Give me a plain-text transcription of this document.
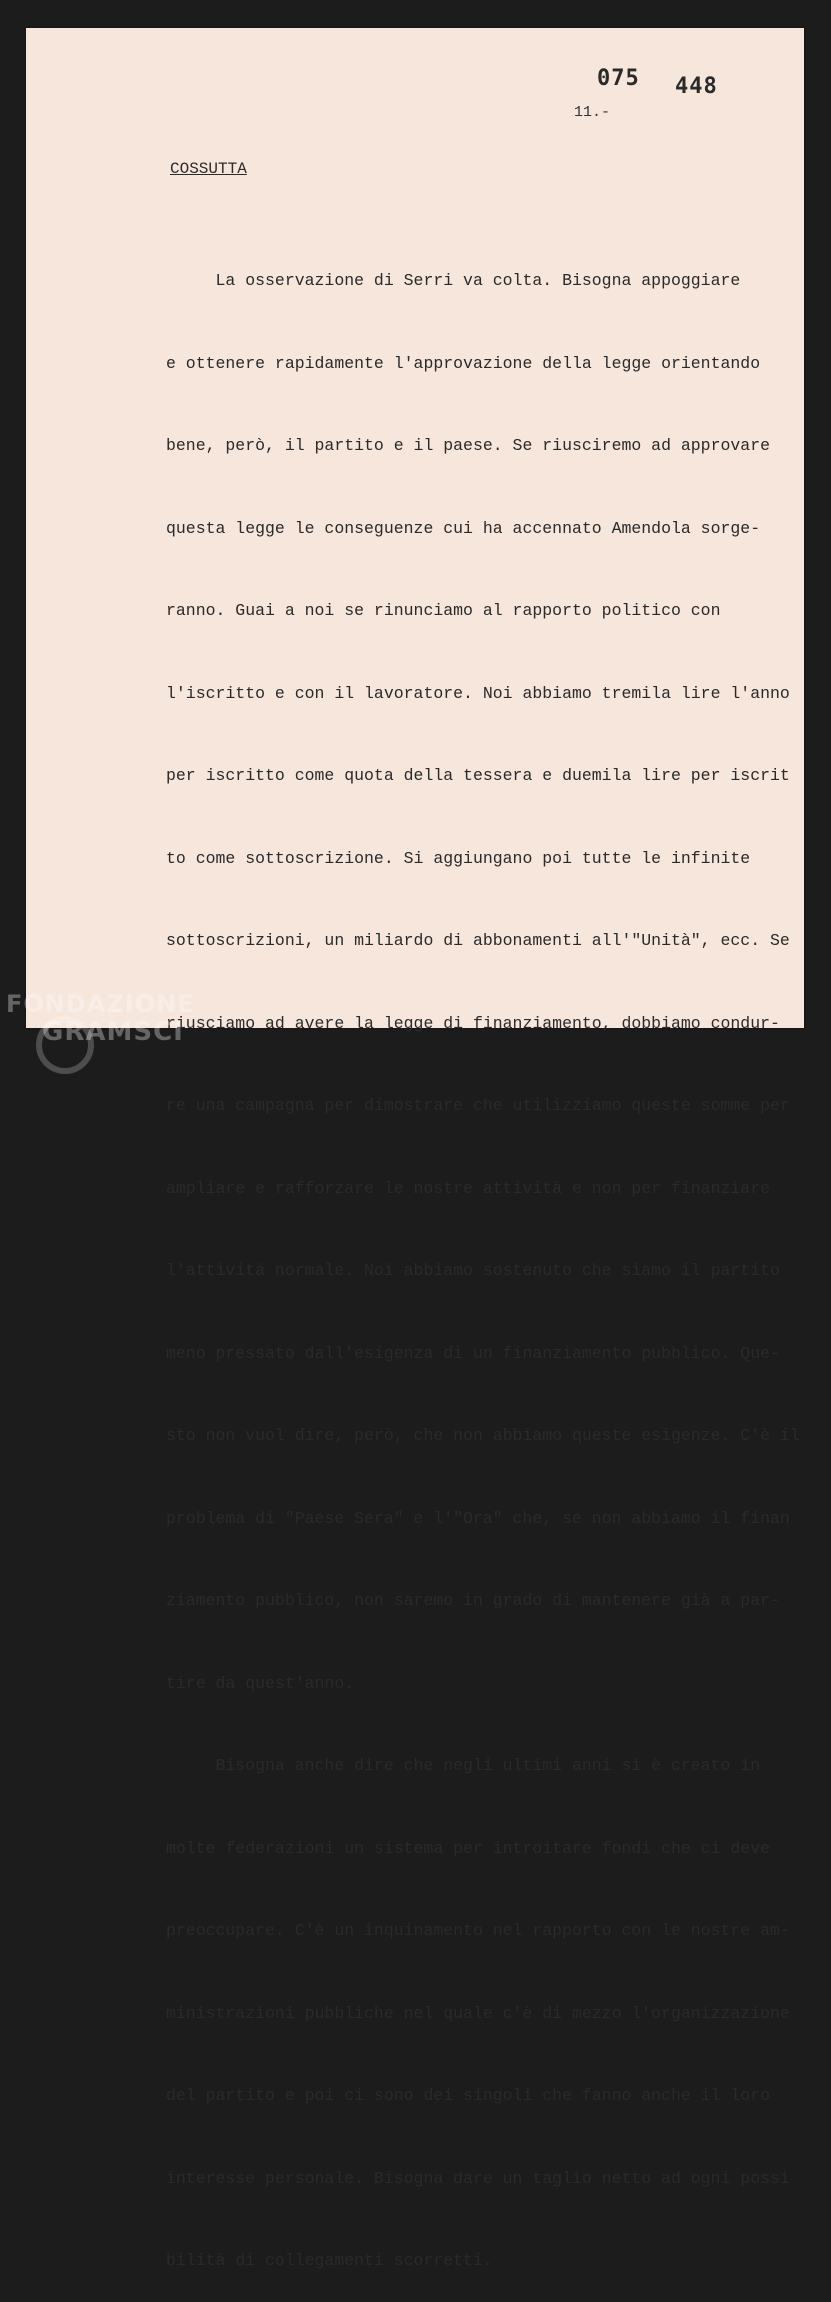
075 448
11.-
COSSUTTA

La osservazione di Serri va colta. Bisogna appoggiare

e ottenere rapidamente l'approvazione della legge orientando

bene, però, il partito e il paese. Se riusciremo ad approvare

questa legge le conseguenze cui ha accennato Amendola sorge-

ranno. Guai a noi se rinunciamo al rapporto politico con

l'iscritto e con il lavoratore. Noi abbiamo tremila lire l'anno

per iscritto come quota della tessera e duemila lire per iscrit

to come sottoscrizione. Si aggiungano poi tutte le infinite

sottoscrizioni, un miliardo di abbonamenti all'"Unità", ecc. Se

riusciamo ad avere la legge di finanziamento, dobbiamo condur-

re una campagna per dimostrare che utilizziamo queste somme per

ampliare e rafforzare le nostre attività e non per finanziare

l'attività normale. Noi abbiamo sostenuto che siamo il partito

meno pressato dall'esigenza di un finanziamento pubblico. Que-

sto non vuol dire, però, che non abbiamo queste esigenze. C'è il

problema di "Paese Sera" e l'"Ora" che, se non abbiamo il finan

ziamento pubblico, non saremo in grado di mantenere già a par-

tire da quest'anno.

Bisogna anche dire che negli ultimi anni si è creato in

molte federazioni un sistema per introitare fondi che ci deve

preoccupare. C'è un inquinamento nel rapporto con le nostre am-

ministrazioni pubbliche nel quale c'è di mezzo l'organizzazione

del partito e poi ci sono dei singoli che fanno anche il loro

interesse personale. Bisogna dare un taglio netto ad ogni possi

bilità di collegamenti scorretti.

FONDAZIONE
GRAMSCI
